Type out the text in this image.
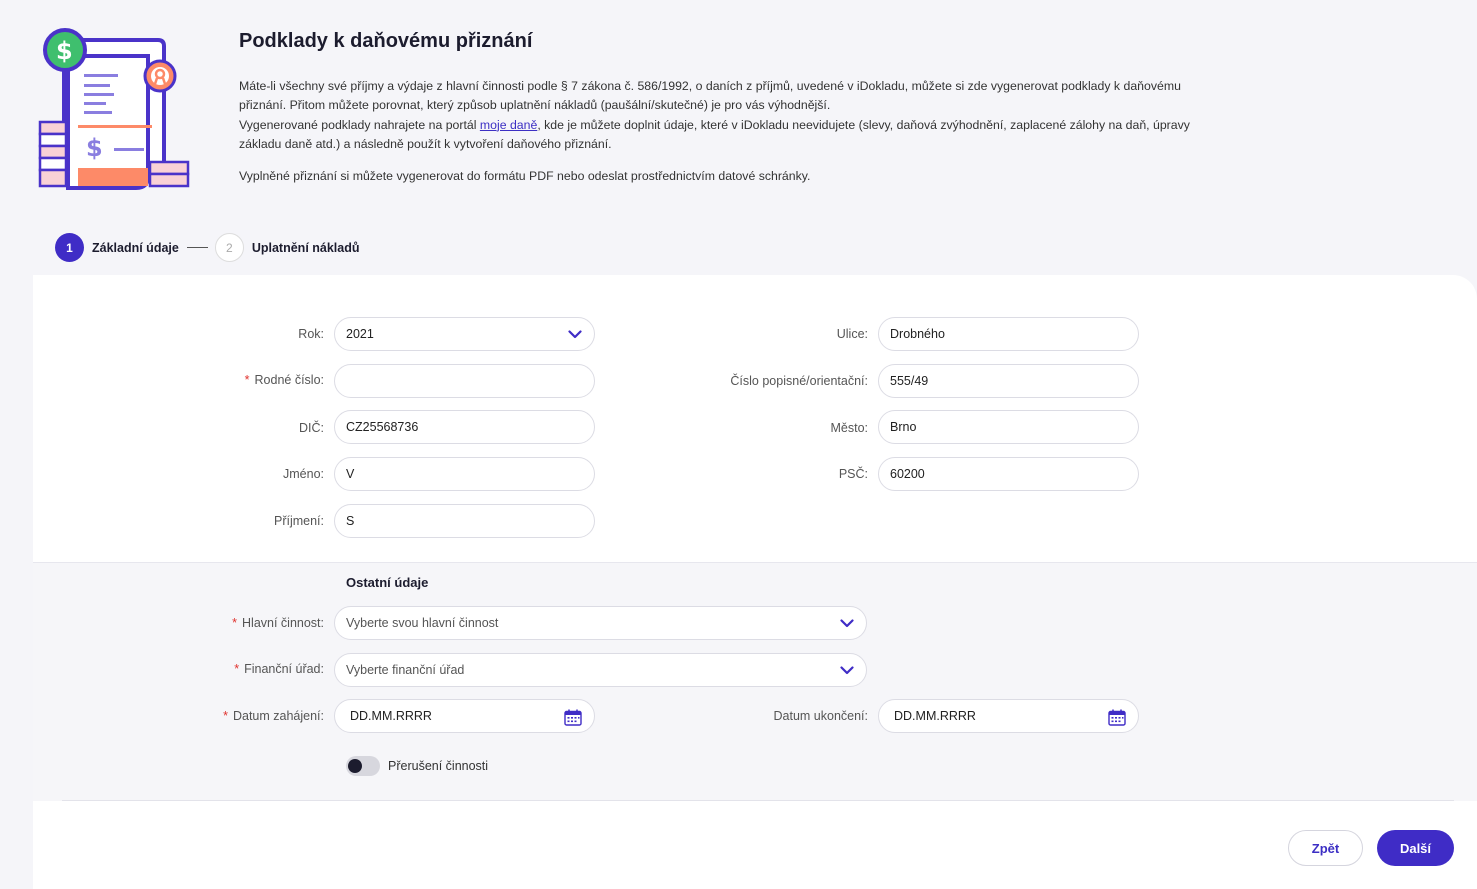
$
$	Podklady k daňovému přiznání

Máte-li všechny své příjmy a výdaje z hlavní činnosti podle § 7 zákona č. 586/1992, o daních z příjmů, uvedené v iDokladu, můžete si zde vygenerovat podklady k daňovému přiznání. Přitom můžete porovnat, který způsob uplatnění nákladů (paušální/skutečné) je pro vás výhodnější.

Vygenerované podklady nahrajete na portál moje daně, kde je můžete doplnit údaje, které v iDokladu neevidujete (slevy, daňová zvýhodnění, zaplacené zálohy na daň, úpravy základu daně atd.) a následně použít k vytvoření daňového přiznání.

Vyplněné přiznání si můžete vygenerovat do formátu PDF nebo odeslat prostřednictvím datové schránky.

1	Základní údaje	2	Uplatnění nákladů
Rok:	2021
* Rodné číslo:
DIČ:	CZ25568736
Jméno:	V
Příjmení:	S
Ulice:	Drobného
Číslo popisné/orientační:	555/49
Město:	Brno
PSČ:	60200
Ostatní údaje
* Hlavní činnost:	Vyberte svou hlavní činnost
* Finanční úřad:	Vyberte finanční úřad
* Datum zahájení:	DD.MM.RRRR	Datum ukončení:	DD.MM.RRRR
Přerušení činnosti
Zpět	Další
